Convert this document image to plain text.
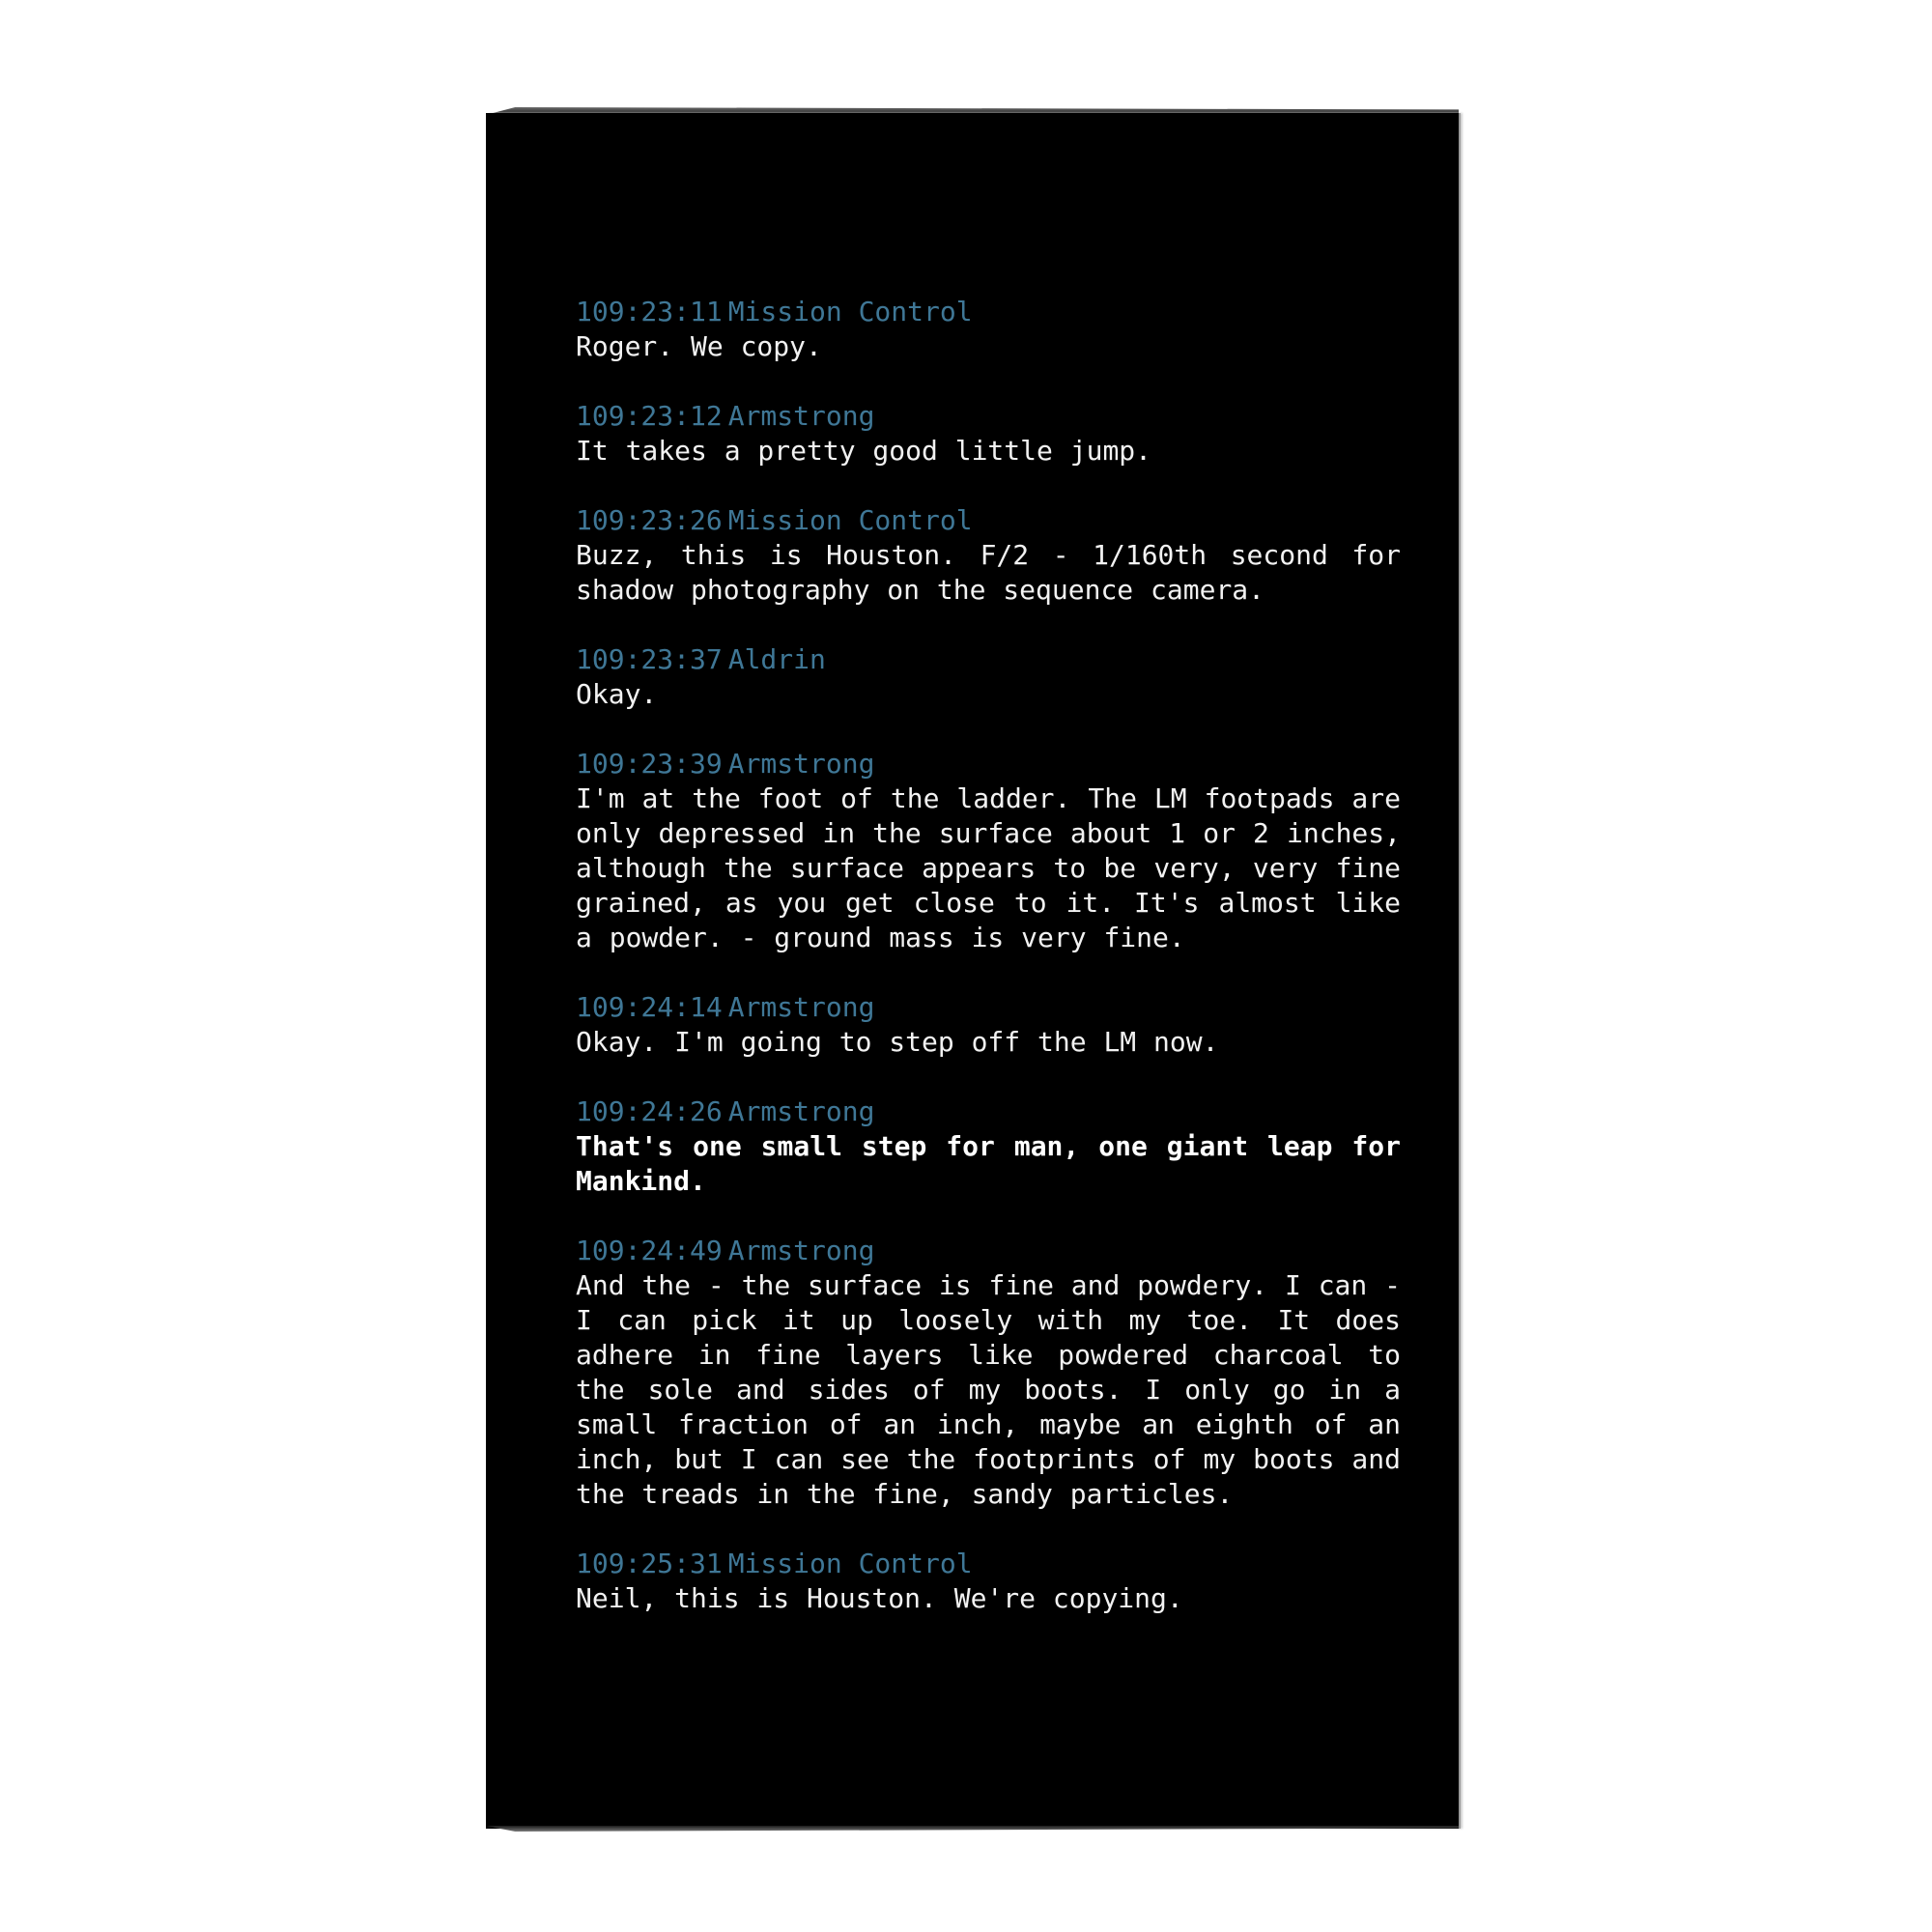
109:23:11 Mission Control
Roger. We copy.
109:23:12 Armstrong
It takes a pretty good little jump.
109:23:26 Mission Control
Buzz, this is Houston. F/2 - 1/160th second for shadow photography on the sequence camera.
109:23:37 Aldrin
Okay.
109:23:39 Armstrong
I'm at the foot of the ladder. The LM footpads are only depressed in the surface about 1 or 2 inches, although the surface appears to be very, very fine grained, as you get close to it. It's almost like a powder. - ground mass is very fine.
109:24:14 Armstrong
Okay. I'm going to step off the LM now.
109:24:26 Armstrong
That's one small step for man, one giant leap for Mankind.
109:24:49 Armstrong
And the - the surface is fine and powdery. I can - I can pick it up loosely with my toe. It does adhere in fine layers like powdered charcoal to the sole and sides of my boots. I only go in a small fraction of an inch, maybe an eighth of an inch, but I can see the footprints of my boots and the treads in the fine, sandy particles.
109:25:31 Mission Control
Neil, this is Houston. We're copying.
